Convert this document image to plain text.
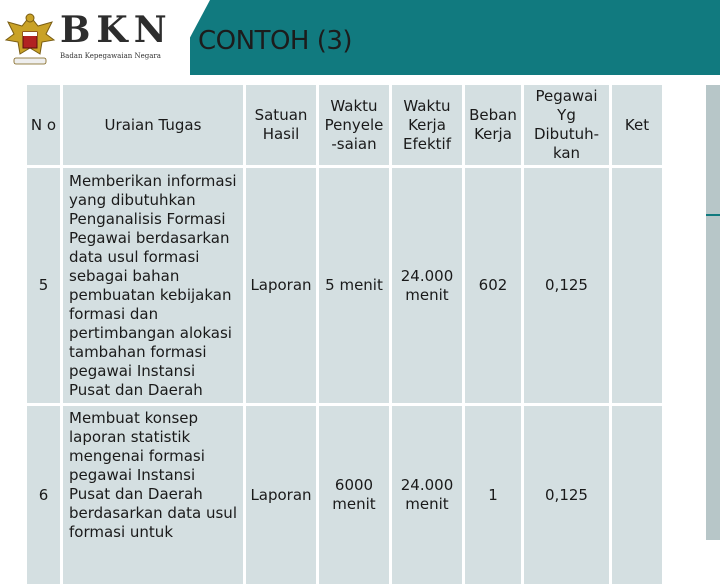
BKN
Badan Kepegawaian Negara CONTOH (3)
N o	Uraian Tugas	Satuan Hasil	Waktu Penyele -saian	Waktu Kerja Efektif	Beban Kerja	Pegawai Yg Dibutuh- kan	Ket
5	Memberikan informasi yang dibutuhkan Penganalisis Formasi Pegawai berdasarkan data usul formasi sebagai bahan pembuatan kebijakan formasi dan pertimbangan alokasi tambahan formasi pegawai Instansi Pusat dan Daerah	Laporan	5 menit	24.000 menit	602	0,125	
6	Membuat konsep laporan statistik mengenai formasi pegawai Instansi Pusat dan Daerah berdasarkan data usul formasi untuk	Laporan	6000 menit	24.000 menit	1	0,125	
